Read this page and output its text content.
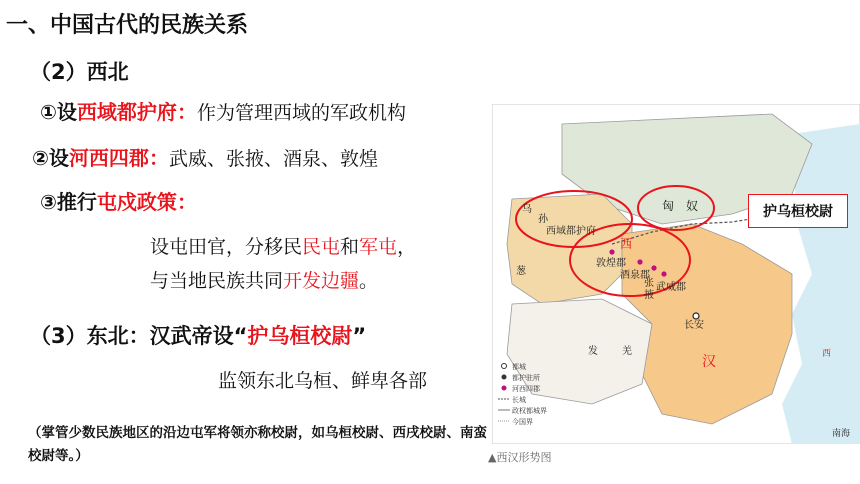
一、中国古代的民族关系
（2）西北
①设西域都护府：作为管理西域的军政机构
②设河西四郡：武威、张掖、酒泉、敦煌
③推行屯戍政策：
设屯田官，分移民民屯和军屯，
与当地民族共同开发边疆。
（3）东北：汉武帝设“护乌桓校尉”
监领东北乌桓、鲜卑各部
（掌管少数民族地区的沿边屯军将领亦称校尉，如乌桓校尉、西戌校尉、南蛮校尉等。）
乌
孙
西域都护府
匈 奴
西
敦煌郡
酒泉郡
张
掖
武威郡
长安
汉
葱
发 羌
南海
西
都城
都护驻所
河西四郡
长城
政权都城界
今国界
护乌桓校尉
▲西汉形势图
